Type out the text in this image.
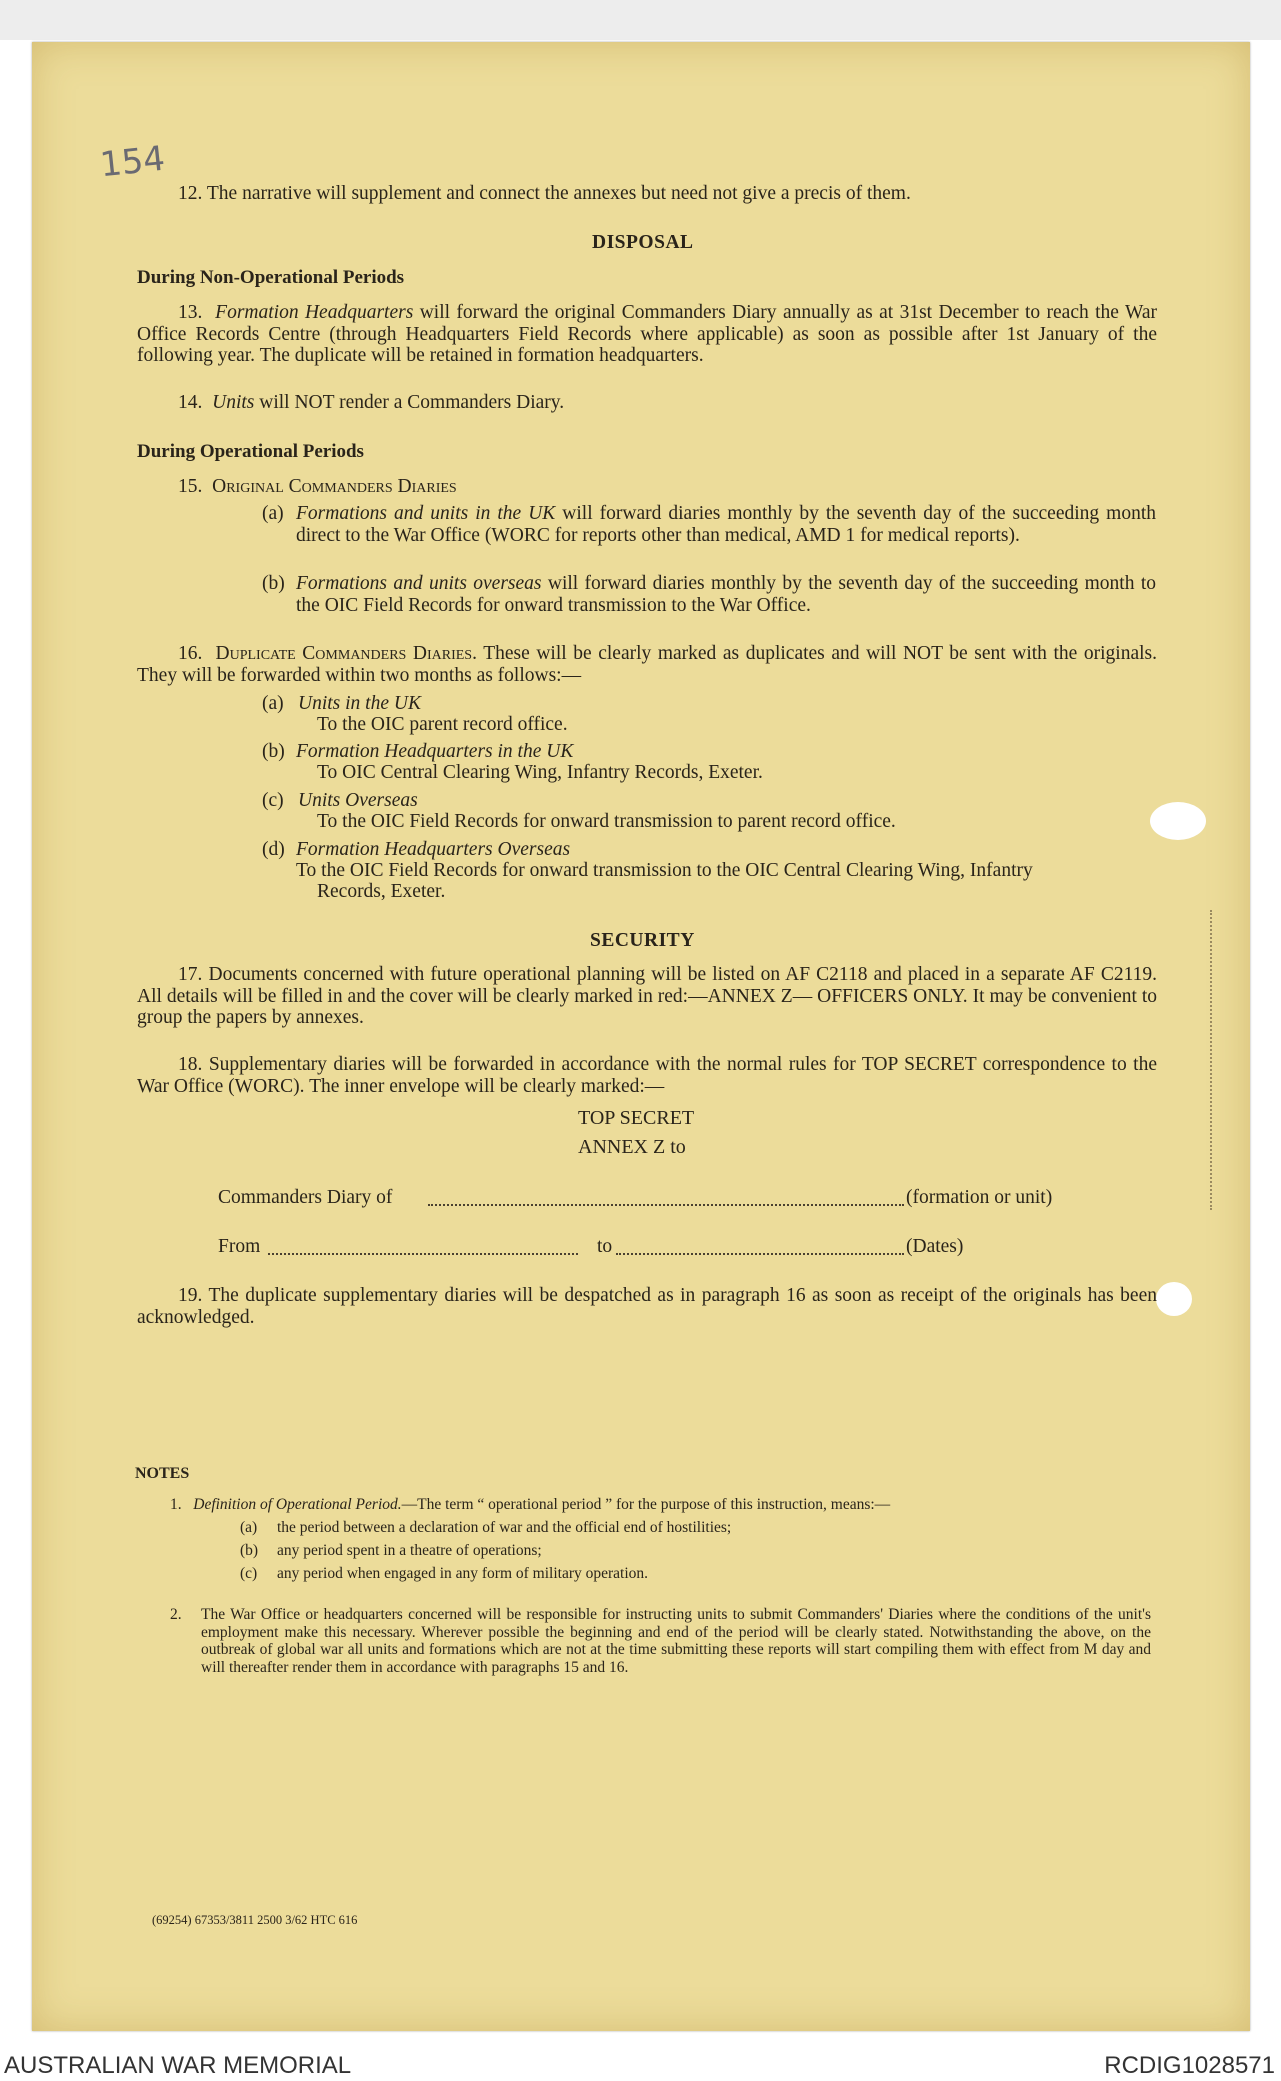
154
12. The narrative will supplement and connect the annexes but need not give a precis of them.
DISPOSAL
During Non-Operational Periods
13. Formation Headquarters will forward the original Commanders Diary annually as at 31st December to reach the War Office Records Centre (through Headquarters Field Records where applicable) as soon as possible after 1st January of the following year. The duplicate will be retained in formation headquarters.
14. Units will NOT render a Commanders Diary.
During Operational Periods
15. Original Commanders Diaries
(a) Formations and units in the UK will forward diaries monthly by the seventh day of the succeeding month direct to the War Office (WORC for reports other than medical, AMD 1 for medical reports).
(b) Formations and units overseas will forward diaries monthly by the seventh day of the succeeding month to the OIC Field Records for onward transmission to the War Office.
16. Duplicate Commanders Diaries. These will be clearly marked as duplicates and will NOT be sent with the originals. They will be forwarded within two months as follows:—
(a) Units in the UK
To the OIC parent record office.
(b) Formation Headquarters in the UK
To OIC Central Clearing Wing, Infantry Records, Exeter.
(c) Units Overseas
To the OIC Field Records for onward transmission to parent record office.
(d) Formation Headquarters Overseas
To the OIC Field Records for onward transmission to the OIC Central Clearing Wing, Infantry
Records, Exeter.
SECURITY
17. Documents concerned with future operational planning will be listed on AF C2118 and placed in a separate AF C2119. All details will be filled in and the cover will be clearly marked in red:—ANNEX Z— OFFICERS ONLY. It may be convenient to group the papers by annexes.
18. Supplementary diaries will be forwarded in accordance with the normal rules for TOP SECRET correspondence to the War Office (WORC). The inner envelope will be clearly marked:—
TOP SECRET
ANNEX Z to
Commanders Diary of	(formation or unit)
From	to	(Dates)
19. The duplicate supplementary diaries will be despatched as in paragraph 16 as soon as receipt of the originals has been acknowledged.
NOTES
1. Definition of Operational Period.—The term “ operational period ” for the purpose of this instruction, means:—
(a) the period between a declaration of war and the official end of hostilities;
(b) any period spent in a theatre of operations;
(c) any period when engaged in any form of military operation.
2. The War Office or headquarters concerned will be responsible for instructing units to submit Commanders' Diaries where the conditions of the unit's employment make this necessary. Wherever possible the beginning and end of the period will be clearly stated. Notwithstanding the above, on the outbreak of global war all units and formations which are not at the time submitting these reports will start compiling them with effect from M day and will thereafter render them in accordance with paragraphs 15 and 16.
(69254) 67353/3811 2500 3/62 HTC 616
AUSTRALIAN WAR MEMORIAL	RCDIG1028571
